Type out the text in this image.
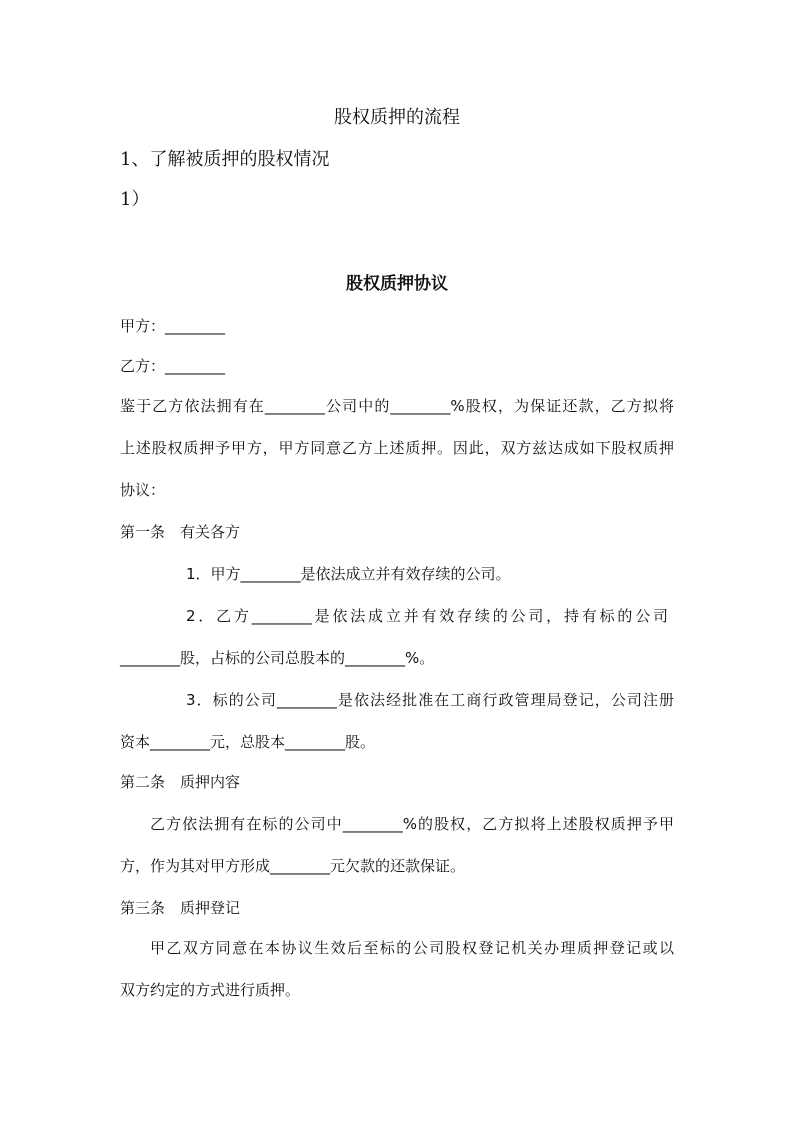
股权质押的流程
1、了解被质押的股权情况
1）
股权质押协议
甲方：________
乙方：________
鉴于乙方依法拥有在________公司中的________%股权，为保证还款，乙方拟将
上述股权质押予甲方，甲方同意乙方上述质押。因此，双方兹达成如下股权质押
协议：
第一条　有关各方
1．甲方________是依法成立并有效存续的公司。
2．乙方________是依法成立并有效存续的公司，持有标的公司
________股，占标的公司总股本的________%。
3．标的公司________是依法经批准在工商行政管理局登记，公司注册
资本________元，总股本________股。
第二条　质押内容
乙方依法拥有在标的公司中________%的股权，乙方拟将上述股权质押予甲
方，作为其对甲方形成________元欠款的还款保证。
第三条　质押登记
甲乙双方同意在本协议生效后至标的公司股权登记机关办理质押登记或以
双方约定的方式进行质押。
